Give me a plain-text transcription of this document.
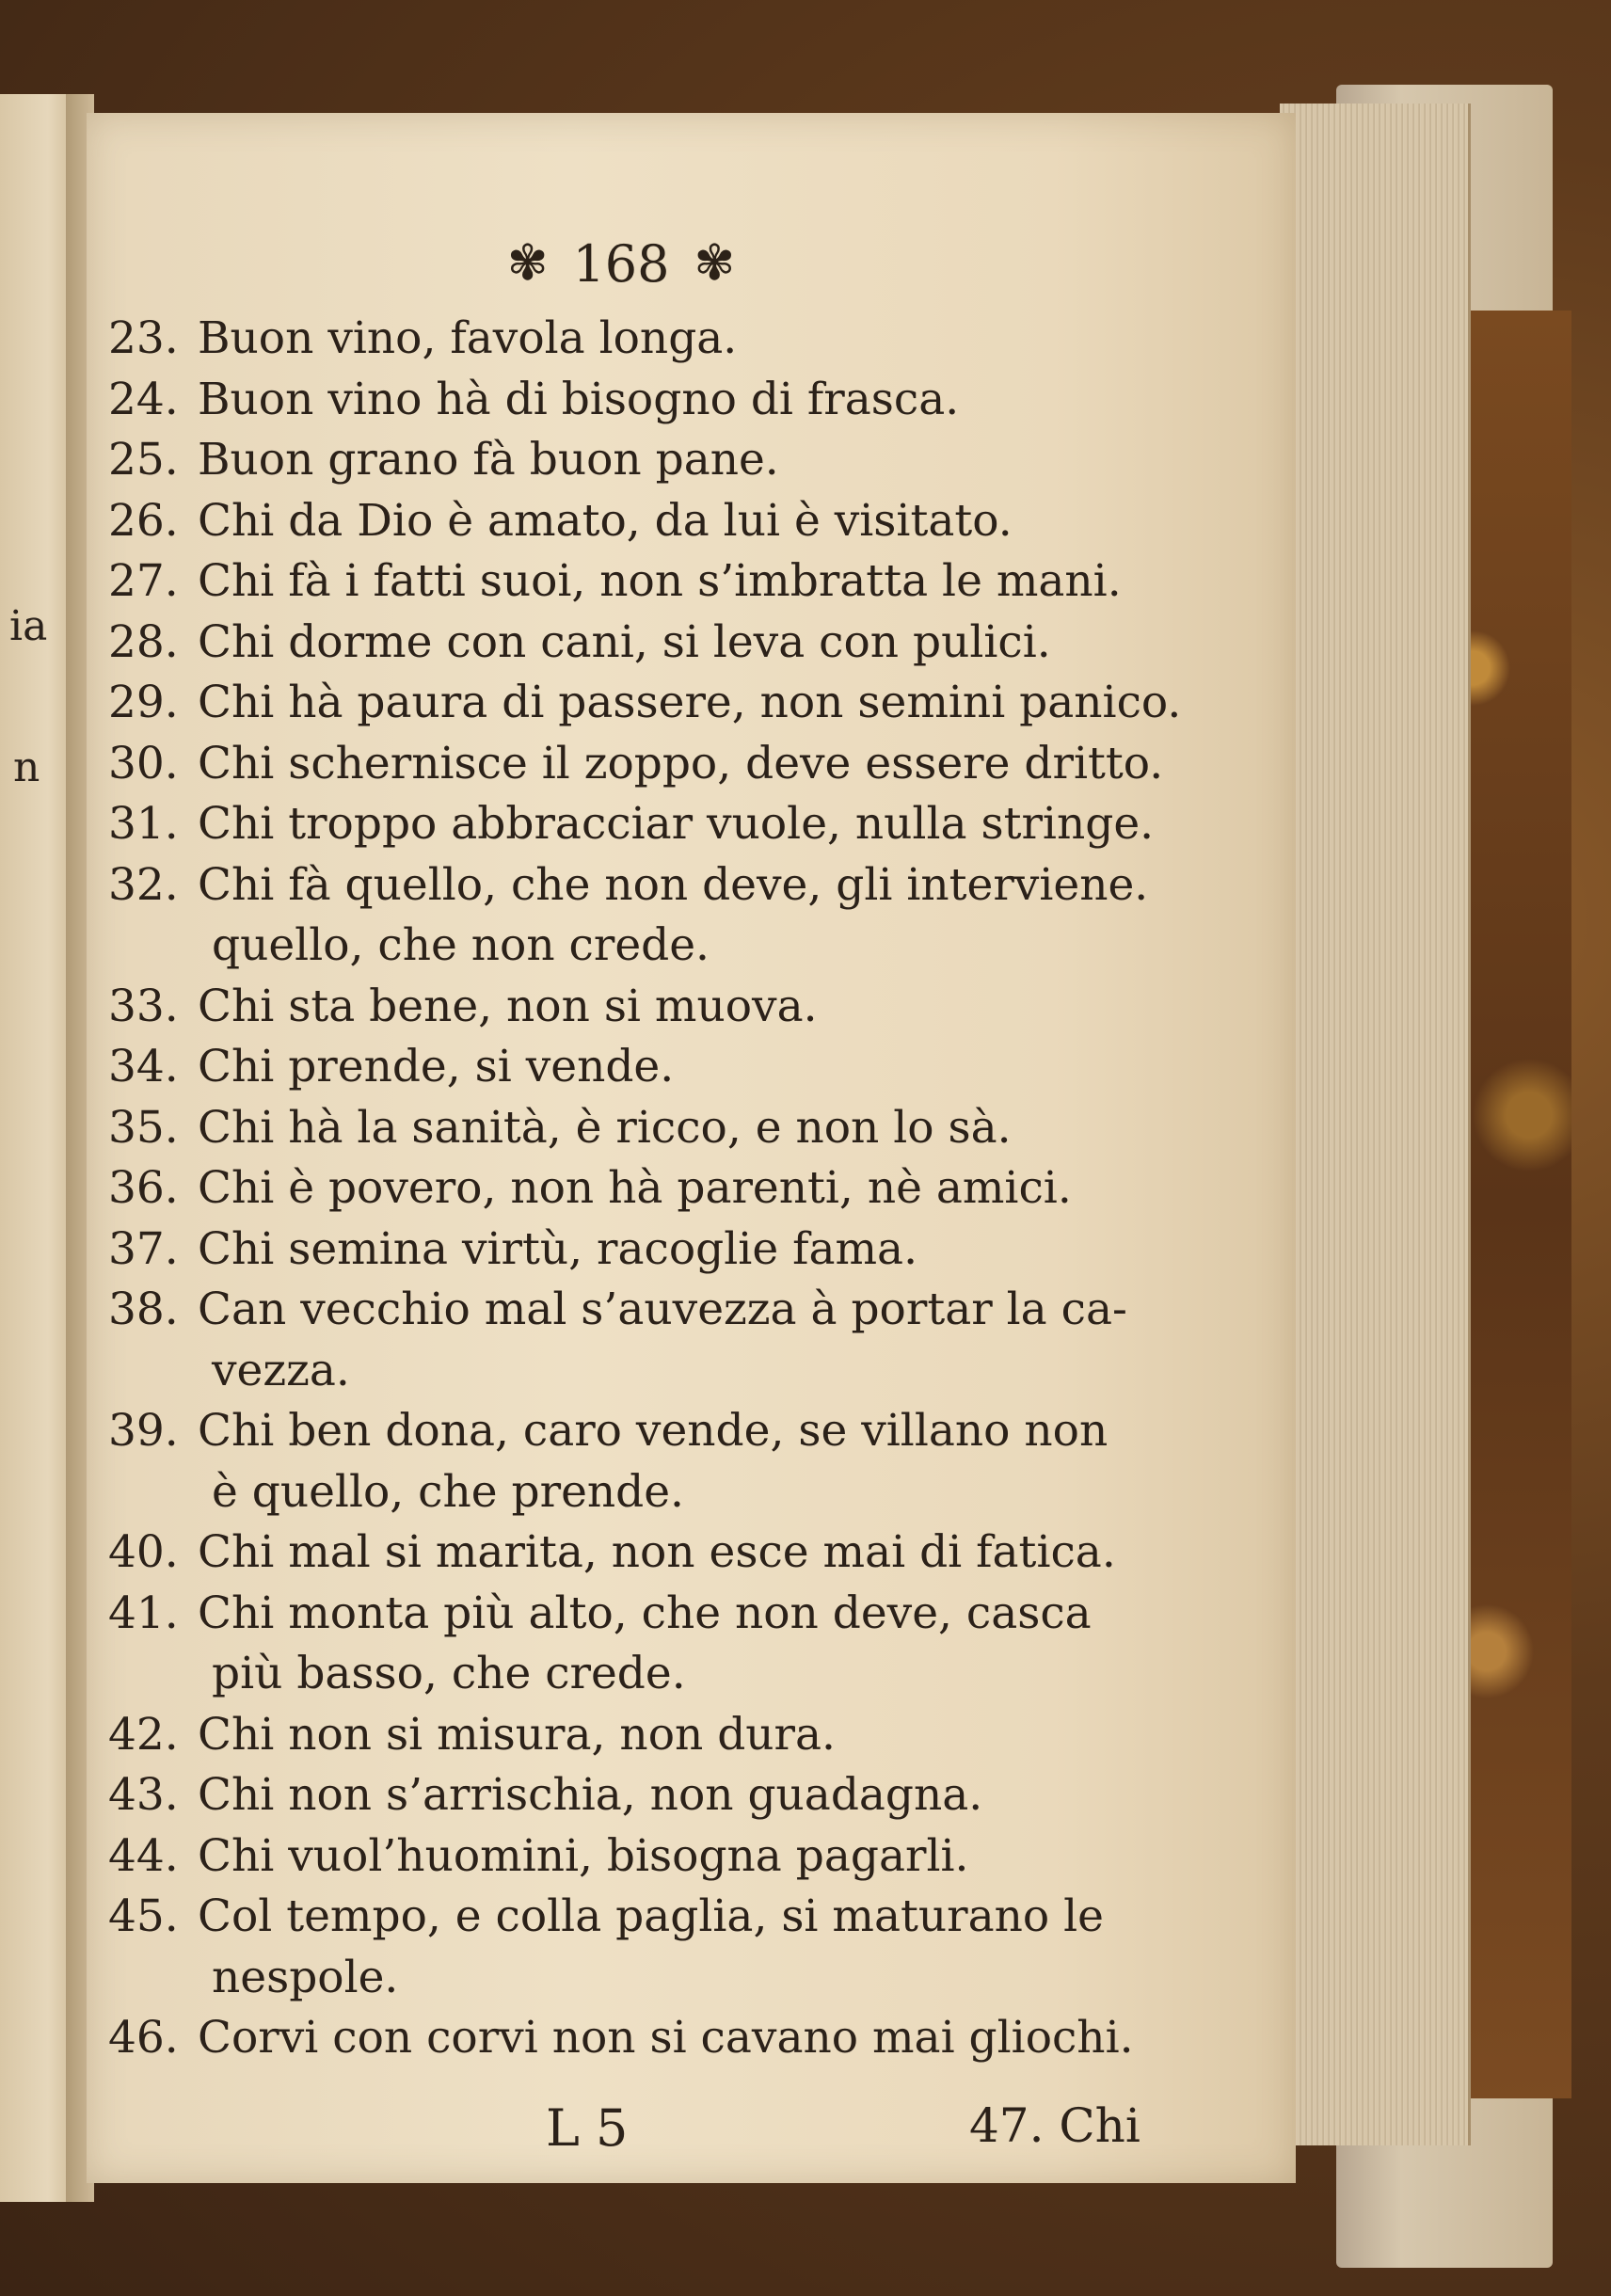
ia
n
✾ 168 ✾
23. Buon vino, favola longa.
24. Buon vino hà di bisogno di frasca.
25. Buon grano fà buon pane.
26. Chi da Dio è amato, da lui è visitato.
27. Chi fà i fatti suoi, non s’imbratta le mani.
28. Chi dorme con cani, si leva con pulici.
29. Chi hà paura di passere, non semini panico.
30. Chi schernisce il zoppo, deve essere dritto.
31. Chi troppo abbracciar vuole, nulla stringe.
32. Chi fà quello, che non deve, gli interviene.
quello, che non crede.
33. Chi sta bene, non si muova.
34. Chi prende, si vende.
35. Chi hà la sanità, è ricco, e non lo sà.
36. Chi è povero, non hà parenti, nè amici.
37. Chi semina virtù, racoglie fama.
38. Can vecchio mal s’auvezza à portar la ca-
vezza.
39. Chi ben dona, caro vende, se villano non
è quello, che prende.
40. Chi mal si marita, non esce mai di fatica.
41. Chi monta più alto, che non deve, casca
più basso, che crede.
42. Chi non si misura, non dura.
43. Chi non s’arrischia, non guadagna.
44. Chi vuol’huomini, bisogna pagarli.
45. Col tempo, e colla paglia, si maturano le
nespole.
46. Corvi con corvi non si cavano mai gliochi.
L 5	47. Chi
